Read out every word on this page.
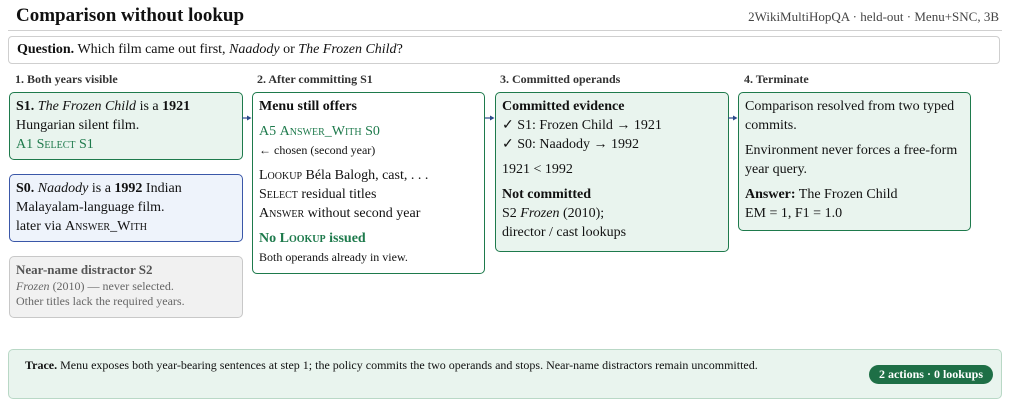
Comparison without lookup	2WikiMultiHopQA · held-out · Menu+SNC, 3B
Question. Which film came out first, Naadody or The Frozen Child?
1. Both years visible	2. After committing S1	3. Committed operands	4. Terminate

S1. The Frozen Child is a 1921

Hungarian silent film.

A1 Select S1

S0. Naadody is a 1992 Indian Malayalam-language film.

later via Answer_With

Near-name distractor S2

Frozen (2010) — never selected.

Other titles lack the required years.

Menu still offers

A5 Answer_With S0

← chosen (second year)

Lookup Béla Balogh, cast, . . .

Select residual titles

Answer without second year

No Lookup issued

Both operands already in view.

Committed evidence

✓ S1: Frozen Child → 1921

✓ S0: Naadody → 1992

1921 < 1992

Not committed

S2 Frozen (2010);

director / cast lookups

Comparison resolved from two typed commits.

Environment never forces a free-form year query.

Answer: The Frozen Child

EM = 1, F1 = 1.0

Trace. Menu exposes both year-bearing sentences at step 1; the policy commits the two operands and stops. Near-name distractors remain uncommitted.
2 actions · 0 lookups
